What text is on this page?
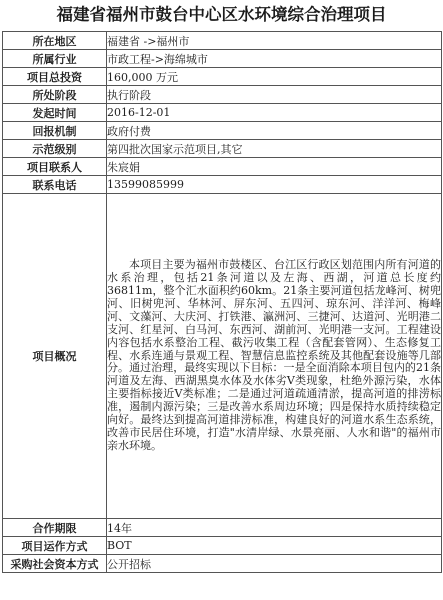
福建省福州市鼓台中心区水环境综合治理项目
所在地区	福建省 ->福州市
所属行业	市政工程->海绵城市
项目总投资	160,000 万元
所处阶段	执行阶段
发起时间	2016-12-01
回报机制	政府付费
示范级别	第四批次国家示范项目,其它
项目联系人	朱宸娟
联系电话	13599085999
项目概况	本项目主要为福州市鼓楼区、台江区行政区划范围内所有河道的水系治理，包括21条河道以及左海、西湖，河道总长度约36811m，整个汇水面积约60km。21条主要河道包括龙峰河、树兜河、旧树兜河、华林河、屏东河、五四河、琼东河、洋洋河、梅峰河、文藻河、大庆河、打铁港、瀛洲河、三捷河、达道河、光明港二支河、红星河、白马河、东西河、湖前河、光明港一支河。工程建设内容包括水系整治工程、截污收集工程（含配套管网）、生态修复工程、水系连通与景观工程、智慧信息监控系统及其他配套设施等几部分。通过治理，最终实现以下目标：一是全面消除本项目包内的21条河道及左海、西湖黑臭水体及水体劣V类现象，杜绝外源污染，水体主要指标接近V类标准；二是通过河道疏通清淤，提高河道的排涝标准，遏制内源污染；三是改善水系周边环境；四是保持水质持续稳定向好。最终达到提高河道排涝标准，构建良好的河道水系生态系统，改善市民居住环境，打造"水清岸绿、水景亮丽、人水和谐"的福州市亲水环境。

合作期限	14年
项目运作方式	BOT
采购社会资本方式	公开招标
